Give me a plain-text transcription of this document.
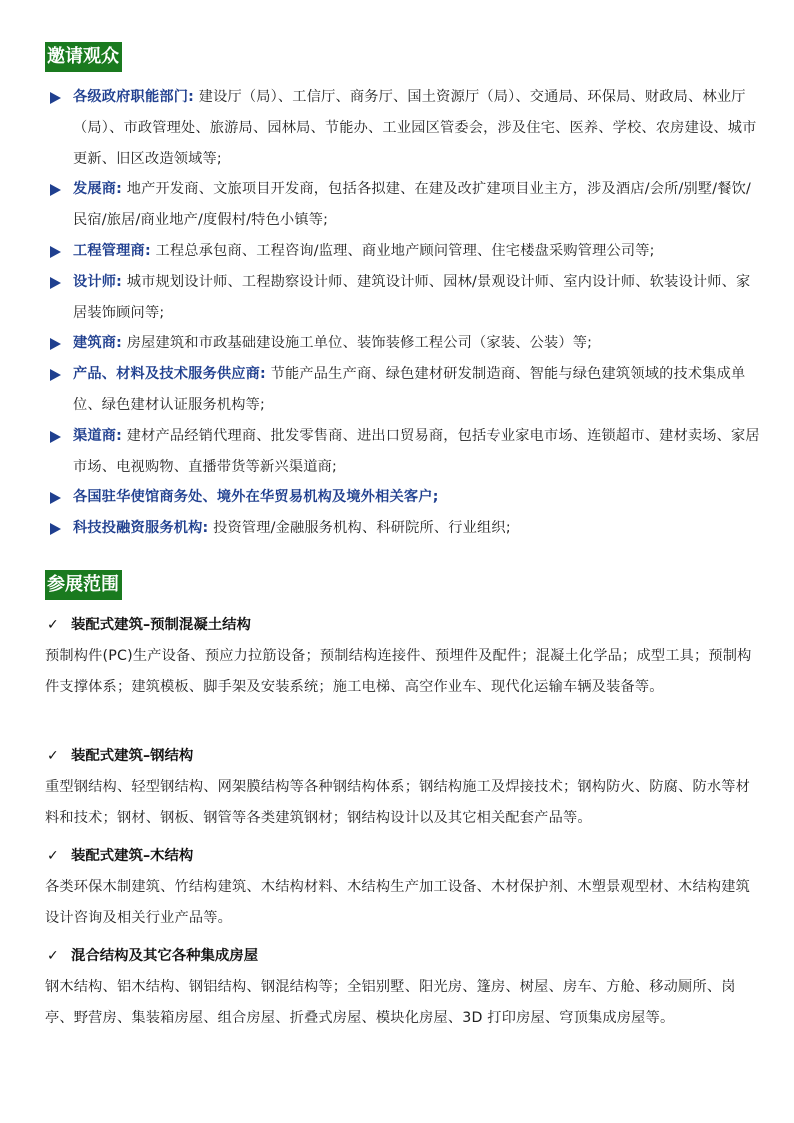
邀请观众
各级政府职能部门: 建设厅（局）、工信厅、商务厅、国土资源厅（局）、交通局、环保局、财政局、林业厅（局）、市政管理处、旅游局、园林局、节能办、工业园区管委会，涉及住宅、医养、学校、农房建设、城市更新、旧区改造领域等;
发展商: 地产开发商、文旅项目开发商，包括各拟建、在建及改扩建项目业主方，涉及酒店/会所/别墅/餐饮/民宿/旅居/商业地产/度假村/特色小镇等;
工程管理商: 工程总承包商、工程咨询/监理、商业地产顾问管理、住宅楼盘采购管理公司等;
设计师: 城市规划设计师、工程勘察设计师、建筑设计师、园林/景观设计师、室内设计师、软装设计师、家居装饰顾问等;
建筑商: 房屋建筑和市政基础建设施工单位、装饰装修工程公司（家装、公装）等;
产品、材料及技术服务供应商: 节能产品生产商、绿色建材研发制造商、智能与绿色建筑领域的技术集成单位、绿色建材认证服务机构等;
渠道商: 建材产品经销代理商、批发零售商、进出口贸易商，包括专业家电市场、连锁超市、建材卖场、家居市场、电视购物、直播带货等新兴渠道商;
各国驻华使馆商务处、境外在华贸易机构及境外相关客户;
科技投融资服务机构: 投资管理/金融服务机构、科研院所、行业组织;
参展范围
✓ 装配式建筑–预制混凝土结构
预制构件(PC)生产设备、预应力拉筋设备；预制结构连接件、预埋件及配件；混凝土化学品；成型工具；预制构件支撑体系；建筑模板、脚手架及安装系统；施工电梯、高空作业车、现代化运输车辆及装备等。
✓ 装配式建筑–钢结构
重型钢结构、轻型钢结构、网架膜结构等各种钢结构体系；钢结构施工及焊接技术；钢构防火、防腐、防水等材料和技术；钢材、钢板、钢管等各类建筑钢材；钢结构设计以及其它相关配套产品等。
✓ 装配式建筑–木结构
各类环保木制建筑、竹结构建筑、木结构材料、木结构生产加工设备、木材保护剂、木塑景观型材、木结构建筑设计咨询及相关行业产品等。
✓ 混合结构及其它各种集成房屋
钢木结构、铝木结构、钢铝结构、钢混结构等；全铝别墅、阳光房、篷房、树屋、房车、方舱、移动厕所、岗亭、野营房、集装箱房屋、组合房屋、折叠式房屋、模块化房屋、3D 打印房屋、穹顶集成房屋等。
